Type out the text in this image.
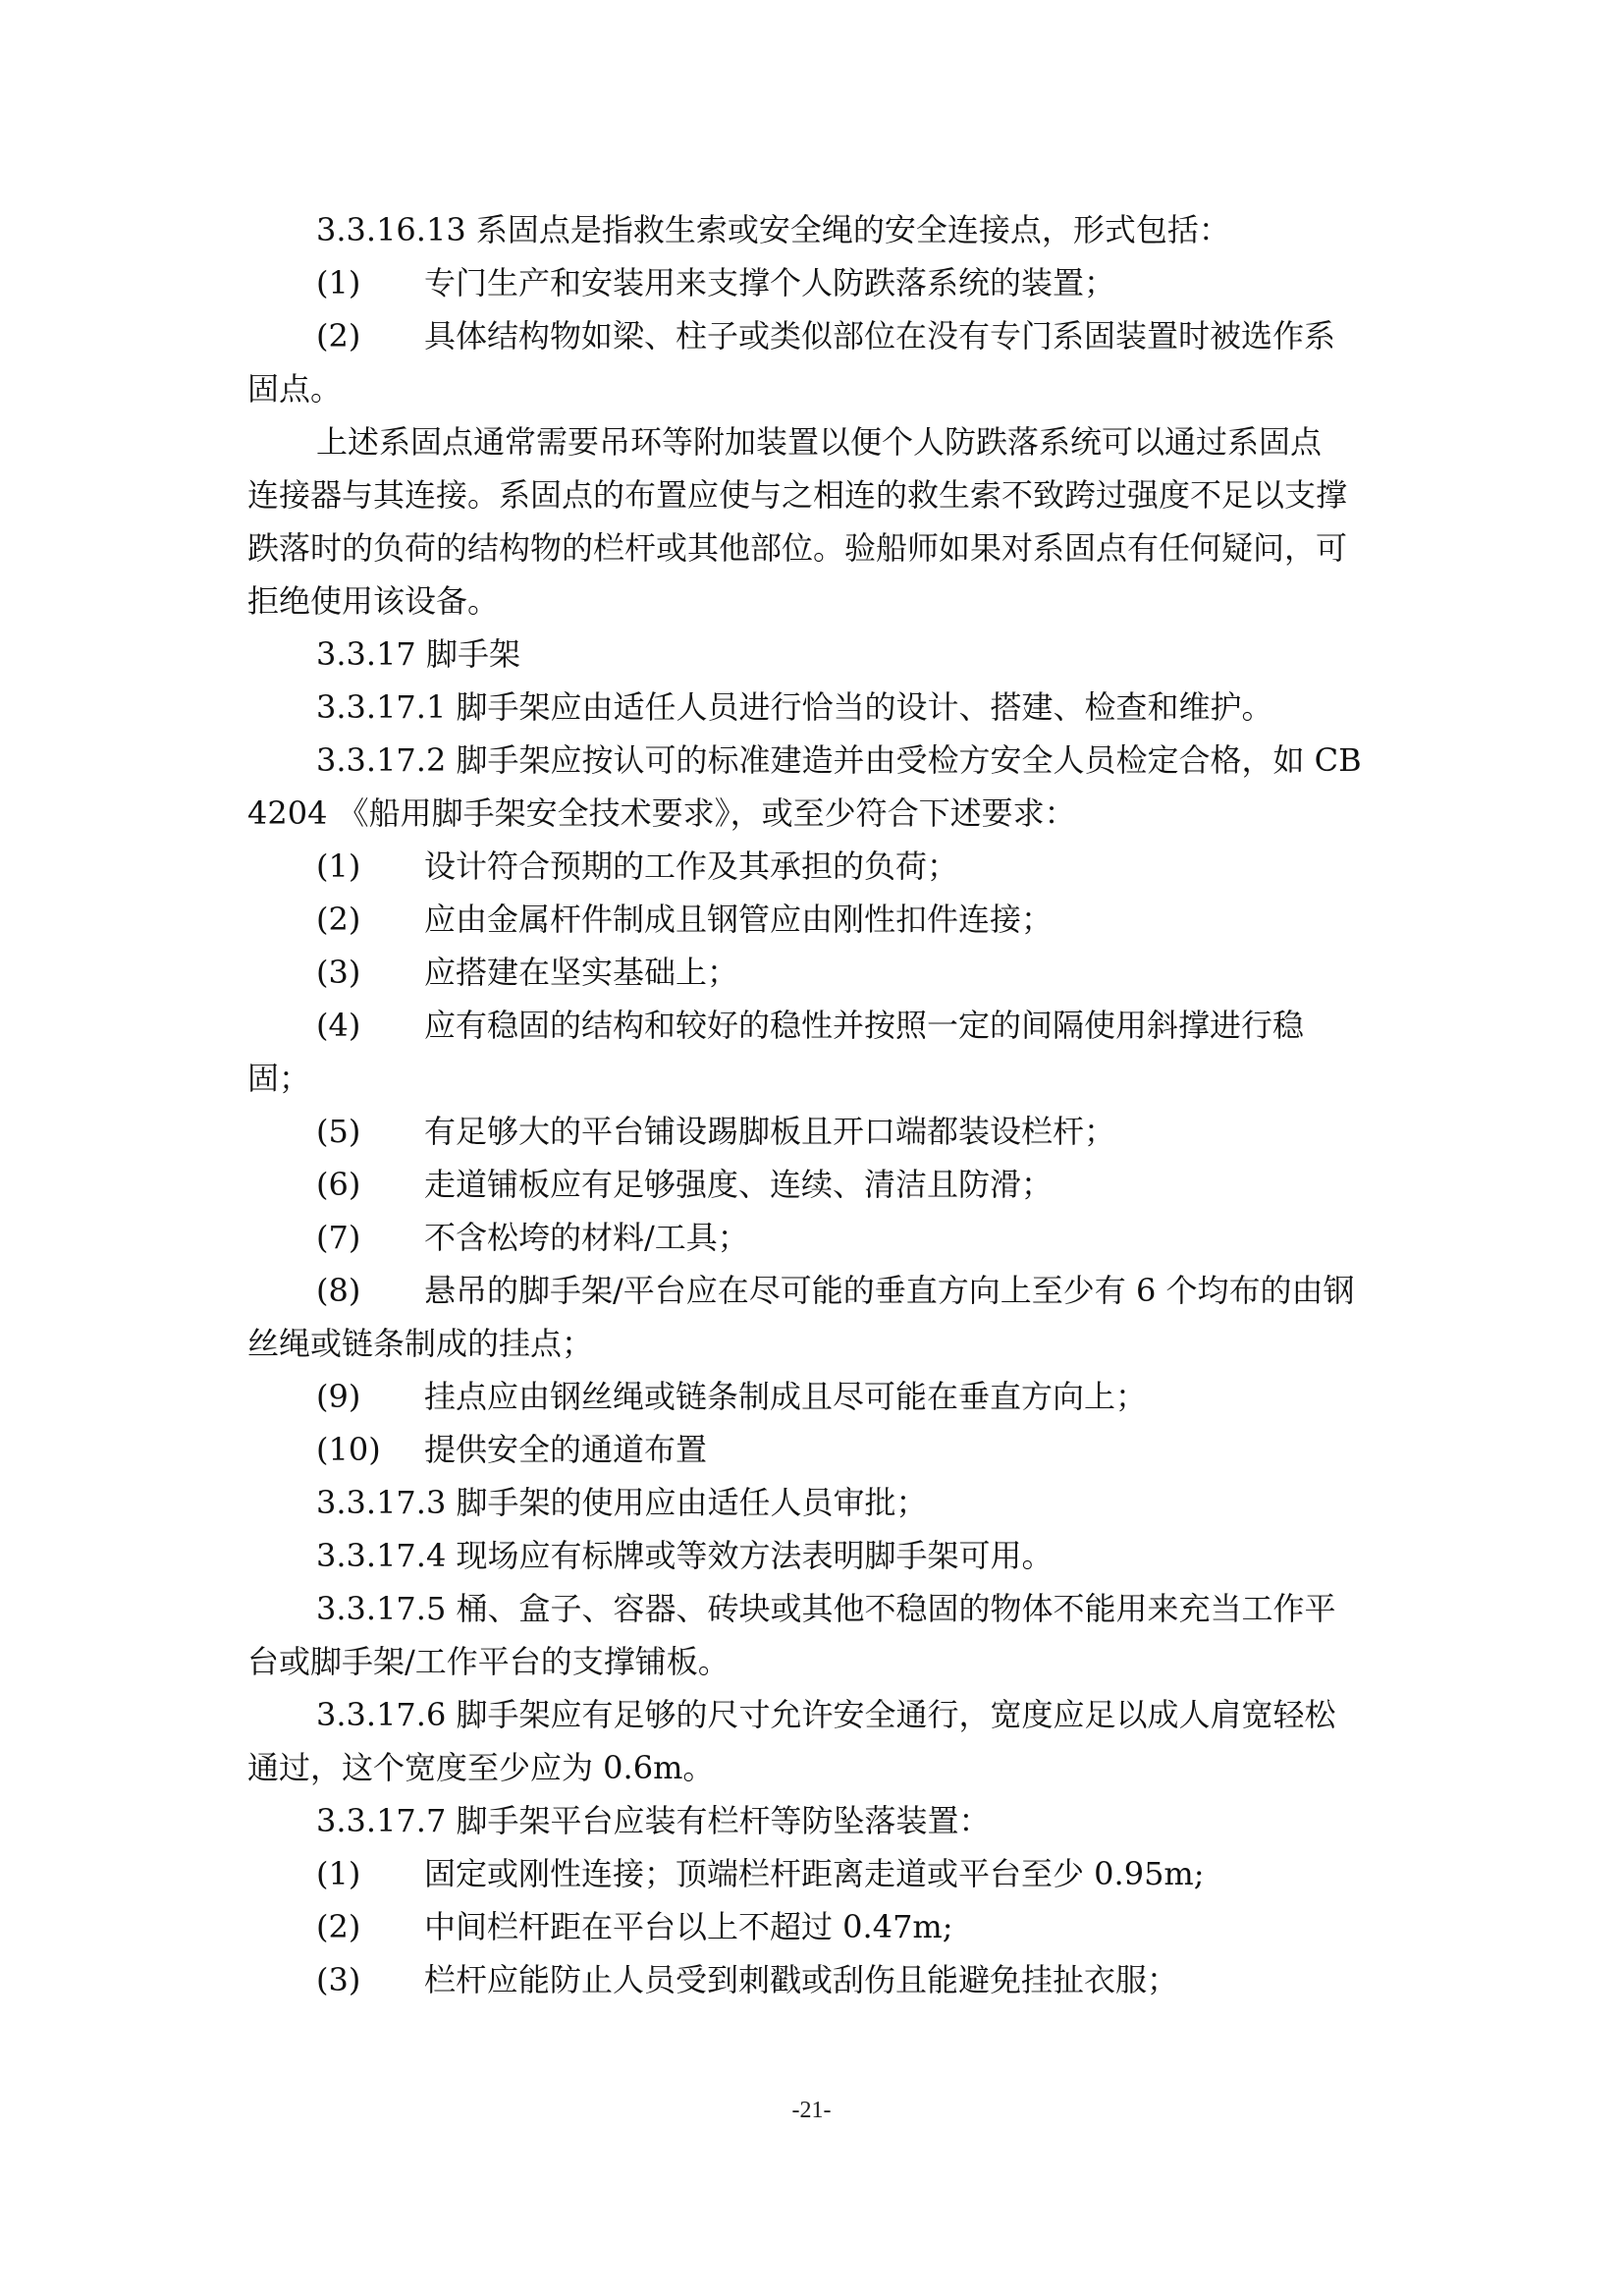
3.3.16.13 系固点是指救生索或安全绳的安全连接点，形式包括：
(1)	专门生产和安装用来支撑个人防跌落系统的装置；
(2)	具体结构物如梁、柱子或类似部位在没有专门系固装置时被选作系
固点。
上述系固点通常需要吊环等附加装置以便个人防跌落系统可以通过系固点
连接器与其连接。系固点的布置应使与之相连的救生索不致跨过强度不足以支撑
跌落时的负荷的结构物的栏杆或其他部位。验船师如果对系固点有任何疑问，可
拒绝使用该设备。
3.3.17 脚手架
3.3.17.1 脚手架应由适任人员进行恰当的设计、搭建、检查和维护。
3.3.17.2 脚手架应按认可的标准建造并由受检方安全人员检定合格，如 CB
4204 《船用脚手架安全技术要求》，或至少符合下述要求：
(1)	设计符合预期的工作及其承担的负荷；
(2)	应由金属杆件制成且钢管应由刚性扣件连接；
(3)	应搭建在坚实基础上；
(4)	应有稳固的结构和较好的稳性并按照一定的间隔使用斜撑进行稳
固；
(5)	有足够大的平台铺设踢脚板且开口端都装设栏杆；
(6)	走道铺板应有足够强度、连续、清洁且防滑；
(7)	不含松垮的材料/工具；
(8)	悬吊的脚手架/平台应在尽可能的垂直方向上至少有 6 个均布的由钢
丝绳或链条制成的挂点；
(9)	挂点应由钢丝绳或链条制成且尽可能在垂直方向上；
(10)	提供安全的通道布置
3.3.17.3 脚手架的使用应由适任人员审批；
3.3.17.4 现场应有标牌或等效方法表明脚手架可用。
3.3.17.5 桶、盒子、容器、砖块或其他不稳固的物体不能用来充当工作平
台或脚手架/工作平台的支撑铺板。
3.3.17.6 脚手架应有足够的尺寸允许安全通行，宽度应足以成人肩宽轻松
通过，这个宽度至少应为 0.6m。
3.3.17.7 脚手架平台应装有栏杆等防坠落装置：
(1)	固定或刚性连接；顶端栏杆距离走道或平台至少 0.95m;
(2)	中间栏杆距在平台以上不超过 0.47m;
(3)	栏杆应能防止人员受到刺戳或刮伤且能避免挂扯衣服；
-21-
